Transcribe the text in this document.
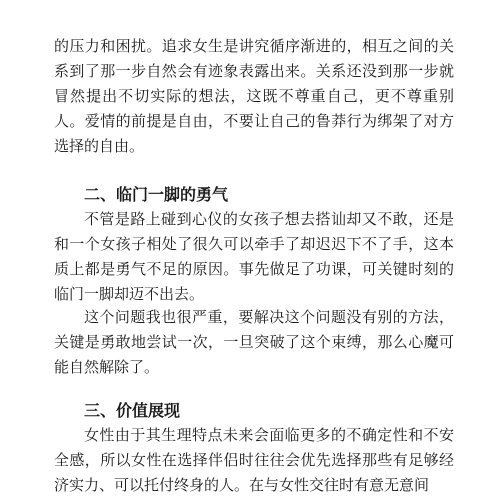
的压力和困扰。追求女生是讲究循序渐进的，相互之间的关系到了那一步自然会有迹象表露出来。关系还没到那一步就冒然提出不切实际的想法，这既不尊重自己，更不尊重别人。爱情的前提是自由，不要让自己的鲁莽行为绑架了对方选择的自由。

二、临门一脚的勇气

不管是路上碰到心仪的女孩子想去搭讪却又不敢，还是和一个女孩子相处了很久可以牵手了却迟迟下不了手，这本质上都是勇气不足的原因。事先做足了功课，可关键时刻的临门一脚却迈不出去。

这个问题我也很严重，要解决这个问题没有别的方法，关键是勇敢地尝试一次，一旦突破了这个束缚，那么心魔可能自然解除了。

三、价值展现

女性由于其生理特点未来会面临更多的不确定性和不安全感，所以女性在选择伴侣时往往会优先选择那些有足够经济实力、可以托付终身的人。在与女性交往时有意无意间
